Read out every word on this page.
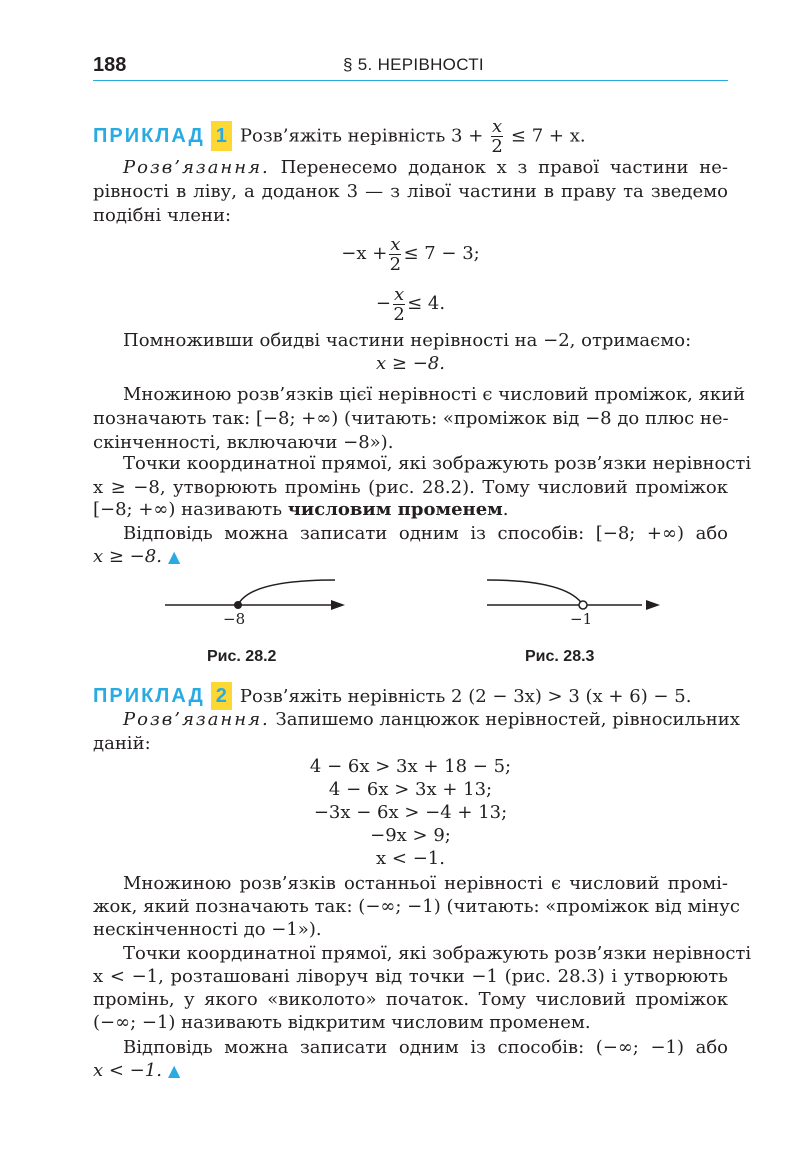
188	§ 5. НЕРІВНОСТІ
ПРИКЛАД 1 Розв’яжіть нерівність $3 + \frac{x}{2} \le 7 + x$.
Розв’язання. Перенесемо доданок x з правої частини не-
рівності в ліву, а доданок 3 — з лівої частини в праву та зведемо
подібні члени:
$-x + \frac{x}{2} \le 7 - 3$;
− $\frac{x}{2} \le 4$.
Помноживши обидві частини нерівності на −2, отримаємо:
x ≥ −8.
Множиною розв’язків цієї нерівності є числовий проміжок, який
позначають так: [−8; +∞) (читають: «проміжок від −8 до плюс не-
скінченності, включаючи −8»).
Точки координатної прямої, які зображують розв’язки нерівності
x ≥ −8, утворюють промінь (рис. 28.2). Тому числовий проміжок
[−8; +∞) називають числовим променем.
Відповідь можна записати одним із способів: [−8; +∞) або
x ≥ −8. ▲
−8	−1
Рис. 28.2	Рис. 28.3
ПРИКЛАД 2 Розв’яжіть нерівність 2 (2 − 3x) > 3 (x + 6) − 5.
Розв’язання. Запишемо ланцюжок нерівностей, рівносильних
даній:
4 − 6x > 3x + 18 − 5;
4 − 6x > 3x + 13;
−3x − 6x > −4 + 13;
−9x > 9;
x < −1.
Множиною розв’язків останньої нерівності є числовий промі-
жок, який позначають так: (−∞; −1) (читають: «проміжок від мінус
нескінченності до −1»).
Точки координатної прямої, які зображують розв’язки нерівності
x < −1, розташовані ліворуч від точки −1 (рис. 28.3) і утворюють
промінь, у якого «виколото» початок. Тому числовий проміжок
(−∞; −1) називають відкритим числовим променем.
Відповідь можна записати одним із способів: (−∞; −1) або
x < −1. ▲
